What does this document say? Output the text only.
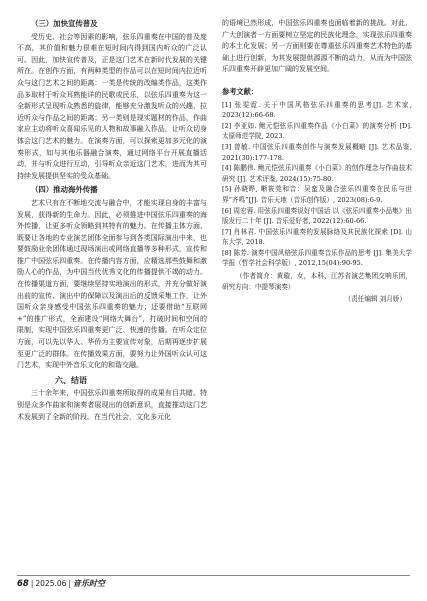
（三）加快宣传普及

受历史、社会等因素的影响，弦乐四重奏在中国的普及度不高，其价值和魅力很难在短时间内得到国内听众的广泛认可。因此，加快宣传普及，正是这门艺术在新时代发展的关键所在。在创作方面，有两种类型的作品可以在短时间内拉近听众与这门艺术之间的距离：一类是传统的改编类作品，这类作品多取材于听众耳熟能详的民歌或民乐，以弦乐四重奏为这一全新形式呈现听众熟悉的旋律，能够充分激发听众的兴趣，拉近听众与作品之间的距离；另一类则是现实题材的作品，作曲家应主动将听众喜闻乐见的人物和故事融入作品，让听众切身体会这门艺术的魅力。在演奏方面，可以探索更加多元化的演奏形式，如与其他乐器融合演奏，通过网络平台开展直播活动，并与听众进行互动，引导听众亲近这门艺术，进而为其可持续发展提供坚实的受众基础。

（四）推动海外传播

艺术只有在不断地交流与融合中，才能实现自身的丰富与发展，获得新的生命力。因此，必须推进中国弦乐四重奏的海外传播，让更多听众领略到其特有的魅力。在传播主体方面，既要让各地的专业演艺团体全面参与到各类国际演出中来，也要鼓励业余团体通过现场演出或网络直播等多种形式，宣传和推广中国弦乐四重奏。在传播内容方面，应精选那些鼓舞和激励人心的作品，为中国当代优秀文化的传播提供不竭的动力。在传播渠道方面，要继续坚持实地演出的形式，并充分做好演出前的宣传、演出中的保障以及演出后的反馈采集工作，让外国听众亲身感受中国弦乐四重奏的魅力；还要借助“互联网+”的推广形式，全面建设“网络大舞台”，打破时间和空间的限制，实现中国弦乐四重奏更广泛、快速的传播。在听众定位方面，可以先以华人、华侨为主要宣传对象，后期再逐步扩展至更广泛的群体。在传播效果方面，要努力让外国听众认可这门艺术，实现中外音乐文化的和谐交融。

六、结语

三十余年来，中国弦乐四重奏所取得的成果有目共睹。特别是众多作曲家和演奏者展现出的创新意识，直接推动这门艺术发展到了全新的阶段。在当代社会，文化多元化

的语境已然形成，中国弦乐四重奏也面临着新的挑战。对此，广大创演者一方面要树立坚定的民族化理念，实现弦乐四重奏的本土化发展；另一方面则要在尊重弦乐四重奏艺术特色的基础上进行创新，为其发展提供源源不断的动力，从而为中国弦乐四重奏开辟更加广阔的发展空间。

参考文献：

[1] 张雯霓. 关于中国风格弦乐四重奏的思考[J]. 艺术家, 2023(12):66-68.

[2] 李亚如. 鲍元恺弦乐四重奏作品《小白菜》的演奏分析 [D]. 太原师范学院, 2023.

[3] 曾敏. 中国弦乐四重奏创作与演奏发展概略 [J]. 艺术品鉴, 2021(30):177-178.

[4] 陈鹏伟. 鲍元恺弦乐四重奏《小白菜》的创作理念与作曲技术研究 [J]. 艺术评鉴, 2024(15):75-80.

[5] 孙晓晔, 晰筱莞和音：吴蛮及融合弦乐四重奏在民乐与世界“齐鸣”[J]. 音乐天地（音乐创作版）, 2023(08):6-9.

[6] 周宏蓉. 用弦乐四重奏说好中国话 以《弦乐四重奏小品集》出版发行二十年 [J]. 音乐爱好者, 2022(12):60-66.

[7] 肖林君. 中国弦乐四重奏的发展脉络及其民族化探索 [D]. 山东大学, 2018.

[8] 陈芳. 演奏中国风格弦乐四重奏音乐作品的思考 [J]. 集美大学学报（哲学社会科学版）, 2012,15(04):90-95.

（作者简介：黄璇，女，本科，江苏省演艺集团交响乐团，研究方向：中提琴演奏）

（责任编辑 刘月娇）

68 | 2025.06 | 音乐时空
